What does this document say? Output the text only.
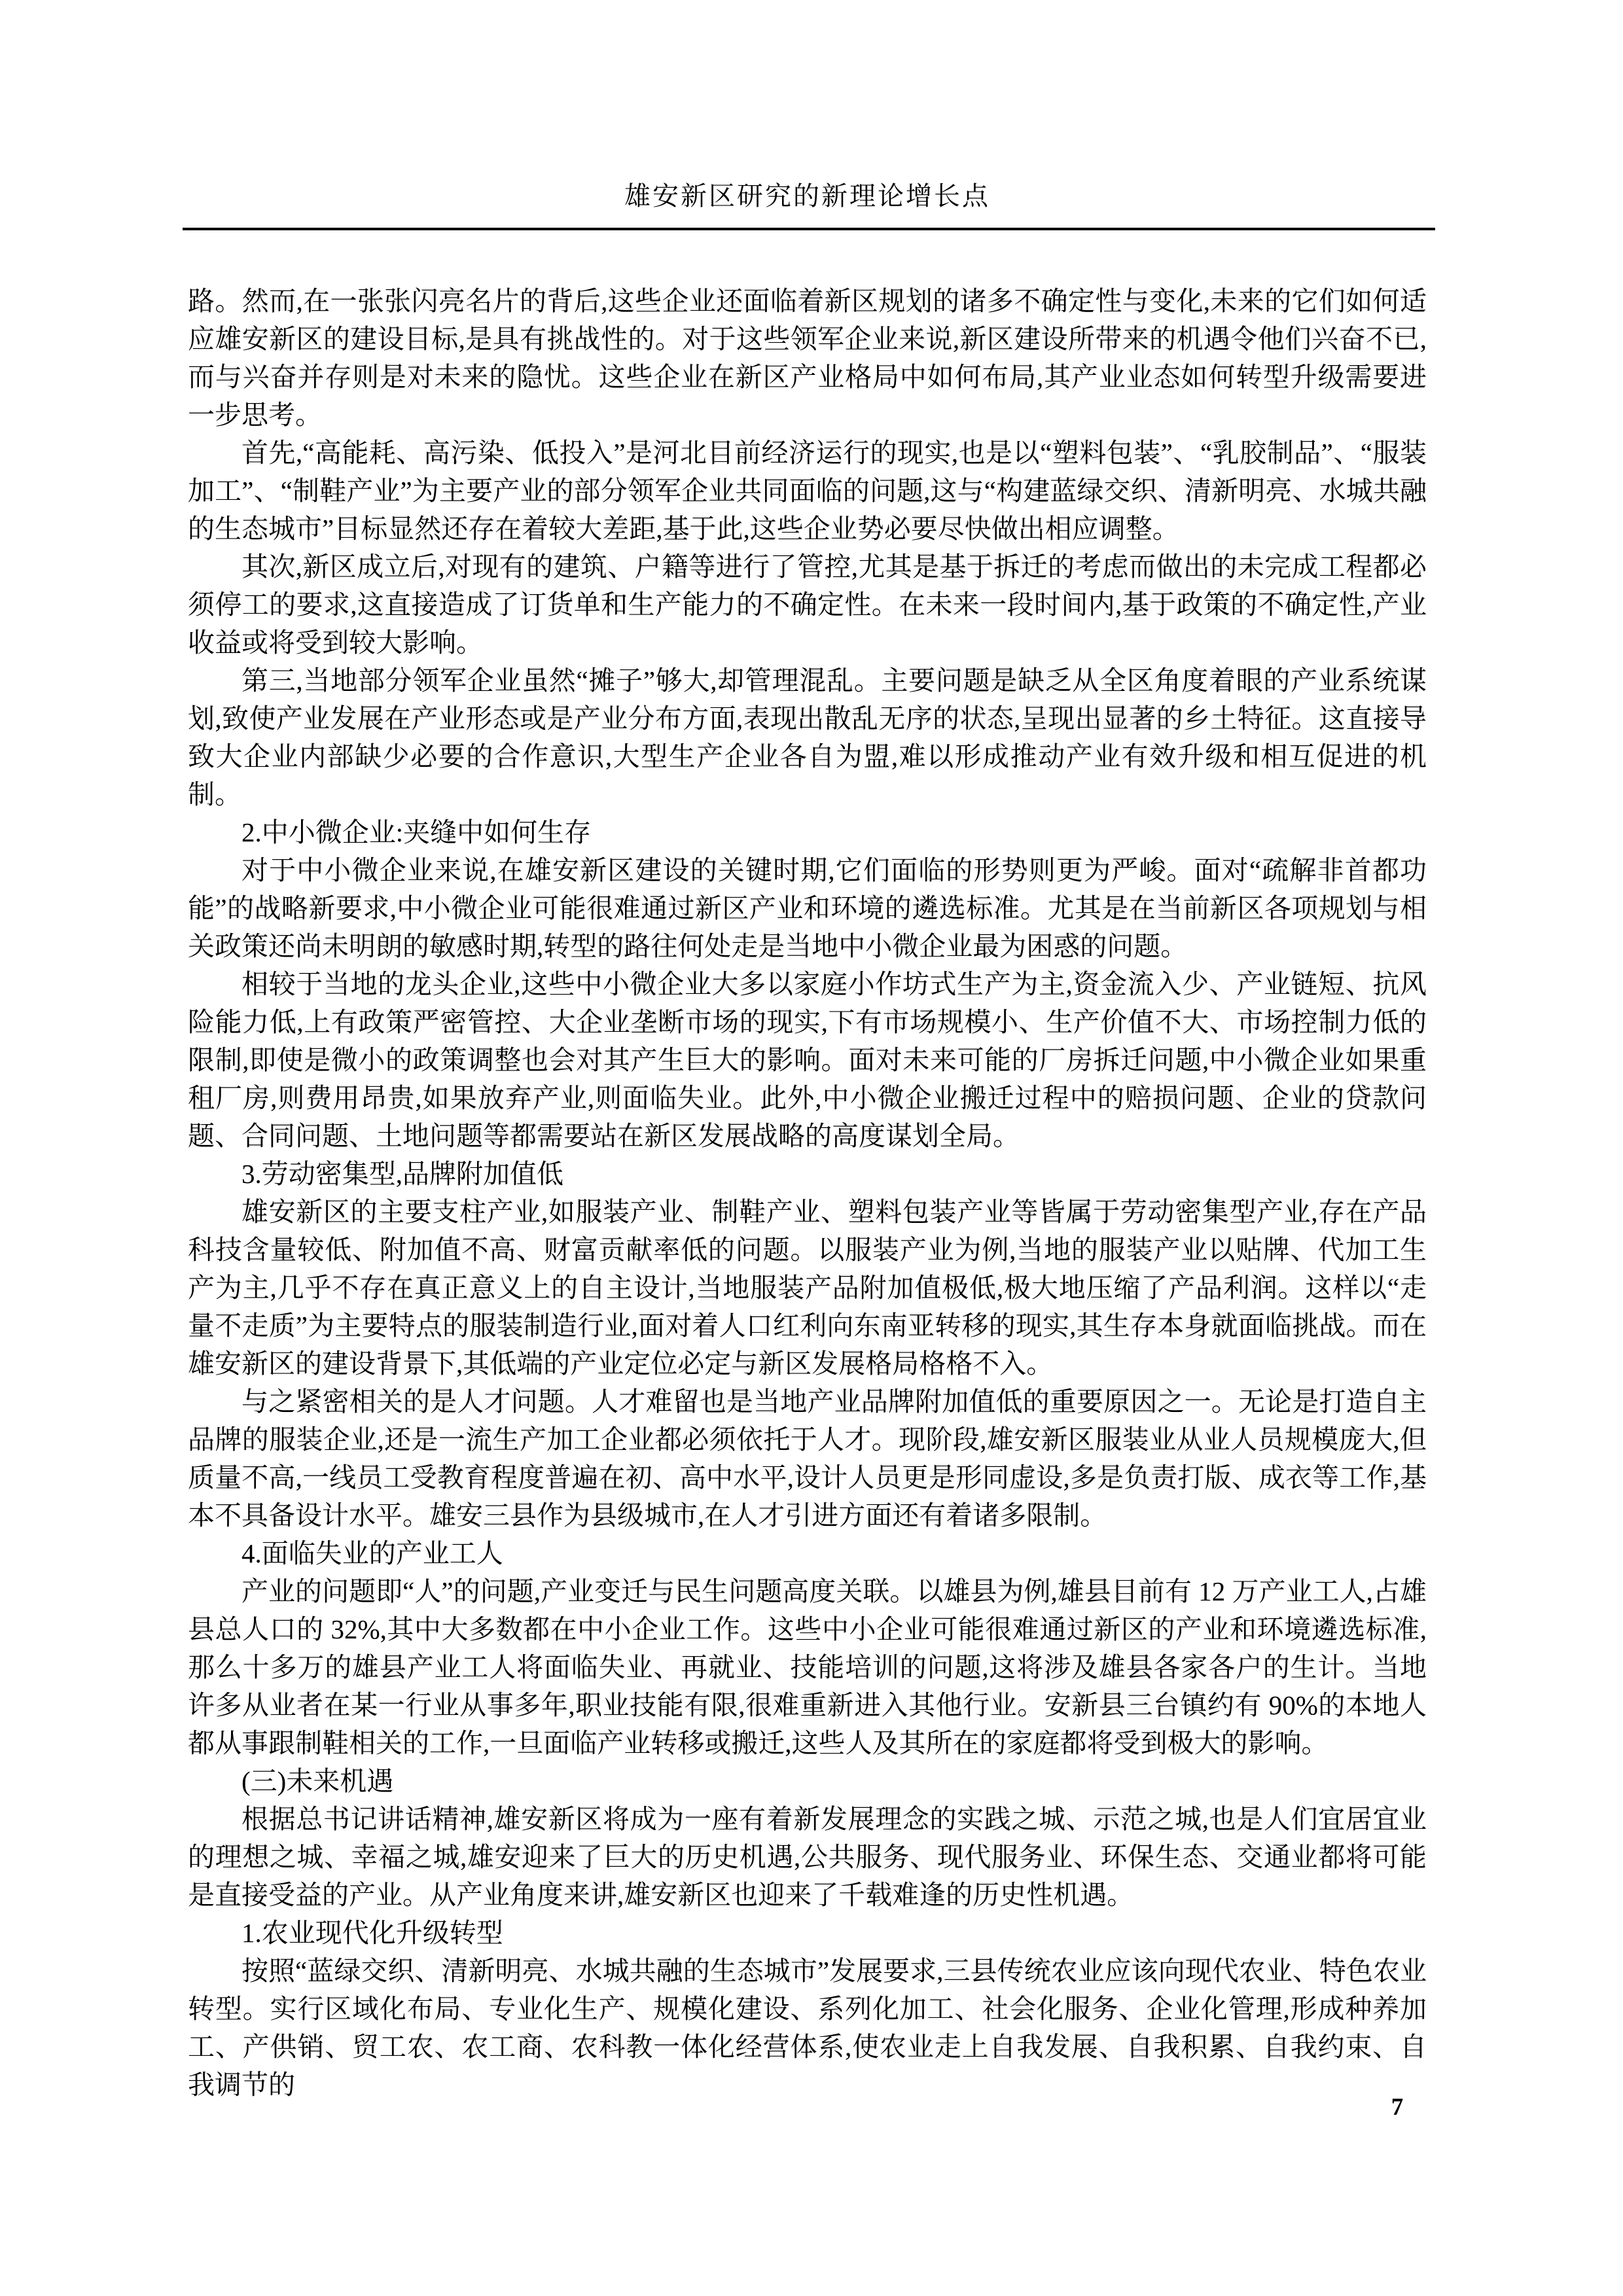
雄安新区研究的新理论增长点

路。然而,在一张张闪亮名片的背后,这些企业还面临着新区规划的诸多不确定性与变化,未来的它们如何适应雄安新区的建设目标,是具有挑战性的。对于这些领军企业来说,新区建设所带来的机遇令他们兴奋不已,而与兴奋并存则是对未来的隐忧。这些企业在新区产业格局中如何布局,其产业业态如何转型升级需要进一步思考。

首先,“高能耗、高污染、低投入”是河北目前经济运行的现实,也是以“塑料包装”、“乳胶制品”、“服装加工”、“制鞋产业”为主要产业的部分领军企业共同面临的问题,这与“构建蓝绿交织、清新明亮、水城共融的生态城市”目标显然还存在着较大差距,基于此,这些企业势必要尽快做出相应调整。

其次,新区成立后,对现有的建筑、户籍等进行了管控,尤其是基于拆迁的考虑而做出的未完成工程都必须停工的要求,这直接造成了订货单和生产能力的不确定性。在未来一段时间内,基于政策的不确定性,产业收益或将受到较大影响。

第三,当地部分领军企业虽然“摊子”够大,却管理混乱。主要问题是缺乏从全区角度着眼的产业系统谋划,致使产业发展在产业形态或是产业分布方面,表现出散乱无序的状态,呈现出显著的乡土特征。这直接导致大企业内部缺少必要的合作意识,大型生产企业各自为盟,难以形成推动产业有效升级和相互促进的机制。

2.中小微企业:夹缝中如何生存

对于中小微企业来说,在雄安新区建设的关键时期,它们面临的形势则更为严峻。面对“疏解非首都功能”的战略新要求,中小微企业可能很难通过新区产业和环境的遴选标准。尤其是在当前新区各项规划与相关政策还尚未明朗的敏感时期,转型的路往何处走是当地中小微企业最为困惑的问题。

相较于当地的龙头企业,这些中小微企业大多以家庭小作坊式生产为主,资金流入少、产业链短、抗风险能力低,上有政策严密管控、大企业垄断市场的现实,下有市场规模小、生产价值不大、市场控制力低的限制,即使是微小的政策调整也会对其产生巨大的影响。面对未来可能的厂房拆迁问题,中小微企业如果重租厂房,则费用昂贵,如果放弃产业,则面临失业。此外,中小微企业搬迁过程中的赔损问题、企业的贷款问题、合同问题、土地问题等都需要站在新区发展战略的高度谋划全局。

3.劳动密集型,品牌附加值低

雄安新区的主要支柱产业,如服装产业、制鞋产业、塑料包装产业等皆属于劳动密集型产业,存在产品科技含量较低、附加值不高、财富贡献率低的问题。以服装产业为例,当地的服装产业以贴牌、代加工生产为主,几乎不存在真正意义上的自主设计,当地服装产品附加值极低,极大地压缩了产品利润。这样以“走量不走质”为主要特点的服装制造行业,面对着人口红利向东南亚转移的现实,其生存本身就面临挑战。而在雄安新区的建设背景下,其低端的产业定位必定与新区发展格局格格不入。

与之紧密相关的是人才问题。人才难留也是当地产业品牌附加值低的重要原因之一。无论是打造自主品牌的服装企业,还是一流生产加工企业都必须依托于人才。现阶段,雄安新区服装业从业人员规模庞大,但质量不高,一线员工受教育程度普遍在初、高中水平,设计人员更是形同虚设,多是负责打版、成衣等工作,基本不具备设计水平。雄安三县作为县级城市,在人才引进方面还有着诸多限制。

4.面临失业的产业工人

产业的问题即“人”的问题,产业变迁与民生问题高度关联。以雄县为例,雄县目前有 12 万产业工人,占雄县总人口的 32%,其中大多数都在中小企业工作。这些中小企业可能很难通过新区的产业和环境遴选标准,那么十多万的雄县产业工人将面临失业、再就业、技能培训的问题,这将涉及雄县各家各户的生计。当地许多从业者在某一行业从事多年,职业技能有限,很难重新进入其他行业。安新县三台镇约有 90%的本地人都从事跟制鞋相关的工作,一旦面临产业转移或搬迁,这些人及其所在的家庭都将受到极大的影响。

(三)未来机遇

根据总书记讲话精神,雄安新区将成为一座有着新发展理念的实践之城、示范之城,也是人们宜居宜业的理想之城、幸福之城,雄安迎来了巨大的历史机遇,公共服务、现代服务业、环保生态、交通业都将可能是直接受益的产业。从产业角度来讲,雄安新区也迎来了千载难逢的历史性机遇。

1.农业现代化升级转型

按照“蓝绿交织、清新明亮、水城共融的生态城市”发展要求,三县传统农业应该向现代农业、特色农业转型。实行区域化布局、专业化生产、规模化建设、系列化加工、社会化服务、企业化管理,形成种养加工、产供销、贸工农、农工商、农科教一体化经营体系,使农业走上自我发展、自我积累、自我约束、自我调节的

7
